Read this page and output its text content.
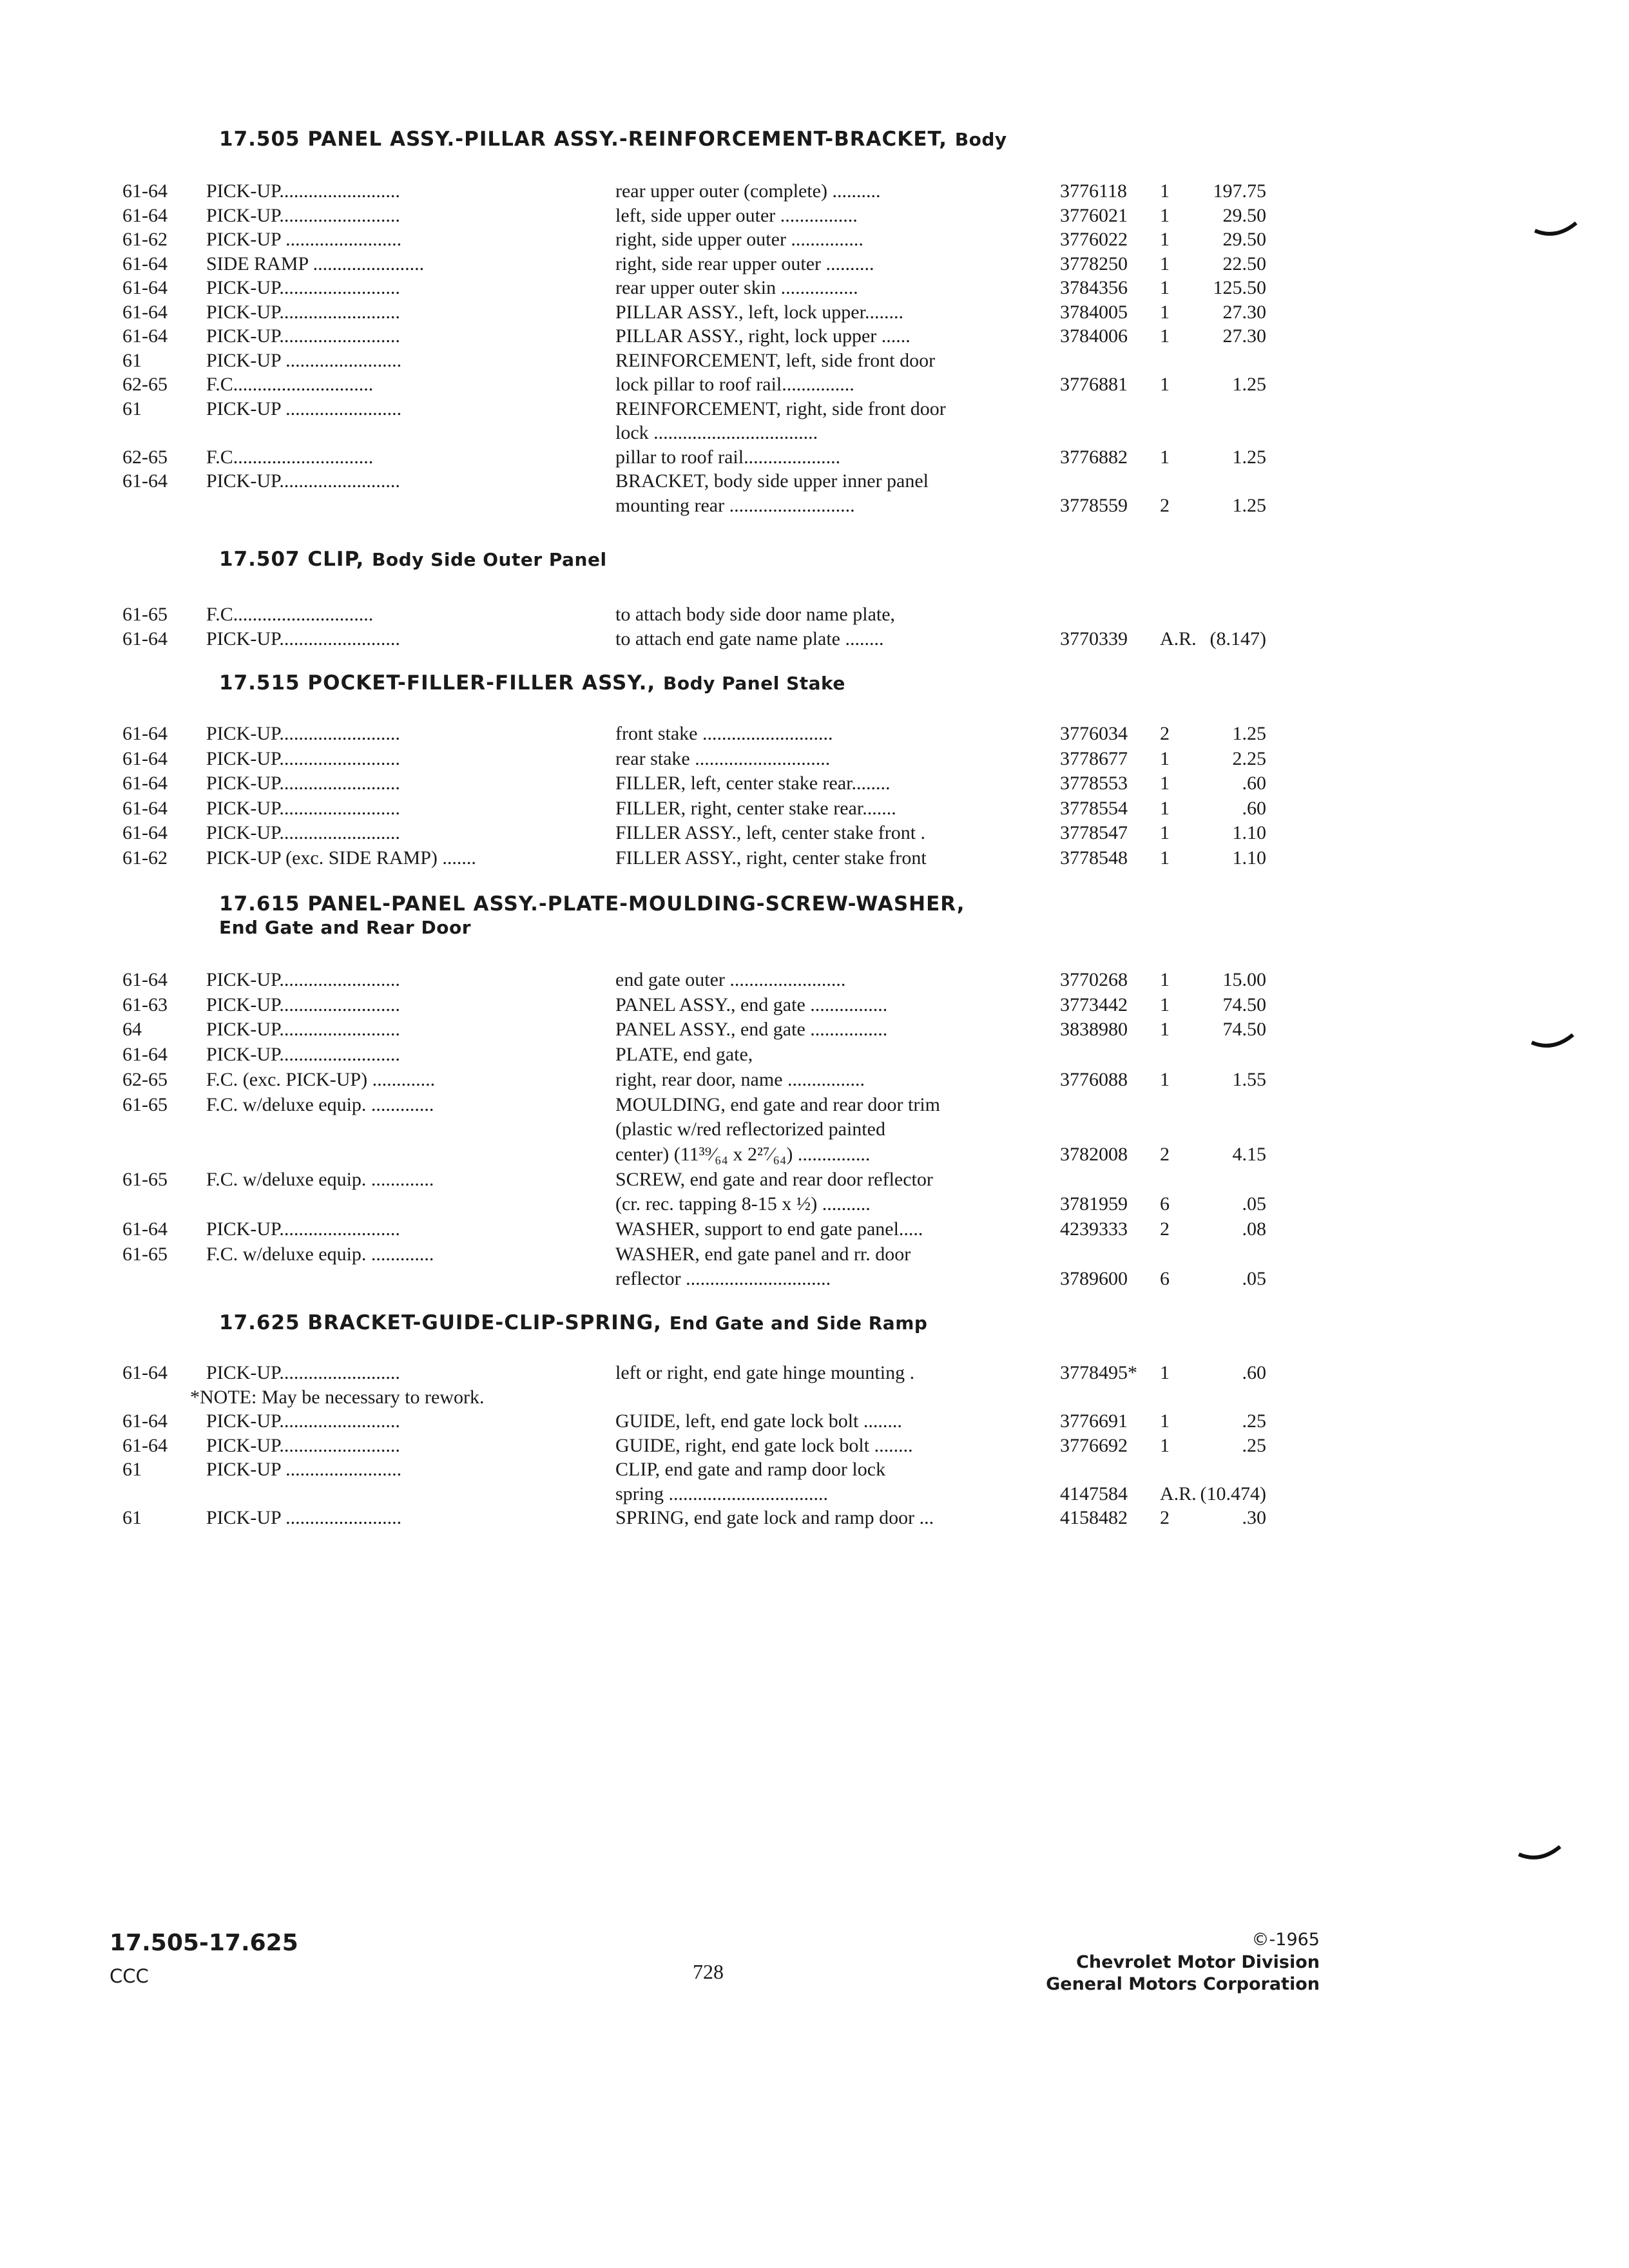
17.505 PANEL ASSY.-PILLAR ASSY.-REINFORCEMENT-BRACKET, Body
61-64 PICK-UP.........................	rear upper outer (complete) ..........	3776118 1	197.75
61-64 PICK-UP.........................	left, side upper outer ................	3776021 1	29.50
61-62 PICK-UP ........................	right, side upper outer ...............	3776022 1	29.50
61-64 SIDE RAMP .......................	right, side rear upper outer ..........	3778250 1	22.50
61-64 PICK-UP.........................	rear upper outer skin ................	3784356 1	125.50
61-64 PICK-UP.........................	PILLAR ASSY., left, lock upper........	3784005 1	27.30
61-64 PICK-UP.........................	PILLAR ASSY., right, lock upper ......	3784006 1	27.30
61	PICK-UP ........................	REINFORCEMENT, left, side front door
62-65 F.C.............................	lock pillar to roof rail...............	3776881 1	1.25
61	PICK-UP ........................	REINFORCEMENT, right, side front door
lock ..................................
62-65 F.C.............................	pillar to roof rail....................	3776882 1	1.25
61-64 PICK-UP.........................	BRACKET, body side upper inner panel
mounting rear ..........................	3778559 2	1.25
17.507 CLIP, Body Side Outer Panel
61-65 F.C.............................	to attach body side door name plate,
61-64 PICK-UP.........................	to attach end gate name plate ........	3770339 A.R. (8.147)
17.515 POCKET-FILLER-FILLER ASSY., Body Panel Stake
61-64 PICK-UP.........................	front stake ...........................	3776034 2	1.25
61-64 PICK-UP.........................	rear stake ............................	3778677 1	2.25
61-64 PICK-UP.........................	FILLER, left, center stake rear........	3778553 1	.60
61-64 PICK-UP.........................	FILLER, right, center stake rear.......	3778554 1	.60
61-64 PICK-UP.........................	FILLER ASSY., left, center stake front .	3778547 1	1.10
61-62 PICK-UP (exc. SIDE RAMP) .......	FILLER ASSY., right, center stake front	3778548 1	1.10
17.615 PANEL-PANEL ASSY.-PLATE-MOULDING-SCREW-WASHER,
End Gate and Rear Door
61-64 PICK-UP.........................	end gate outer ........................	3770268 1	15.00
61-63 PICK-UP.........................	PANEL ASSY., end gate ................	3773442 1	74.50
64	PICK-UP.........................	PANEL ASSY., end gate ................	3838980 1	74.50
61-64 PICK-UP.........................	PLATE, end gate,
62-65 F.C. (exc. PICK-UP) .............	right, rear door, name ................	3776088 1	1.55
61-65 F.C. w/deluxe equip. .............	MOULDING, end gate and rear door trim
(plastic w/red reflectorized painted
center) (11³⁹⁄₆₄ x 2²⁷⁄₆₄) ...............	3782008 2	4.15
61-65 F.C. w/deluxe equip. .............	SCREW, end gate and rear door reflector
(cr. rec. tapping 8-15 x ½) ..........	3781959 6	.05
61-64 PICK-UP.........................	WASHER, support to end gate panel.....	4239333 2	.08
61-65 F.C. w/deluxe equip. .............	WASHER, end gate panel and rr. door
reflector ..............................	3789600 6	.05
17.625 BRACKET-GUIDE-CLIP-SPRING, End Gate and Side Ramp
61-64 PICK-UP.........................	left or right, end gate hinge mounting .	3778495* 1	.60
*NOTE: May be necessary to rework.
61-64 PICK-UP.........................	GUIDE, left, end gate lock bolt ........	3776691 1	.25
61-64 PICK-UP.........................	GUIDE, right, end gate lock bolt ........	3776692 1	.25
61	PICK-UP ........................	CLIP, end gate and ramp door lock
spring .................................	4147584 A.R. (10.474)
61	PICK-UP ........................	SPRING, end gate lock and ramp door ...	4158482 2	.30
17.505-17.625
CCC	728
©-1965
Chevrolet Motor Division
General Motors Corporation
